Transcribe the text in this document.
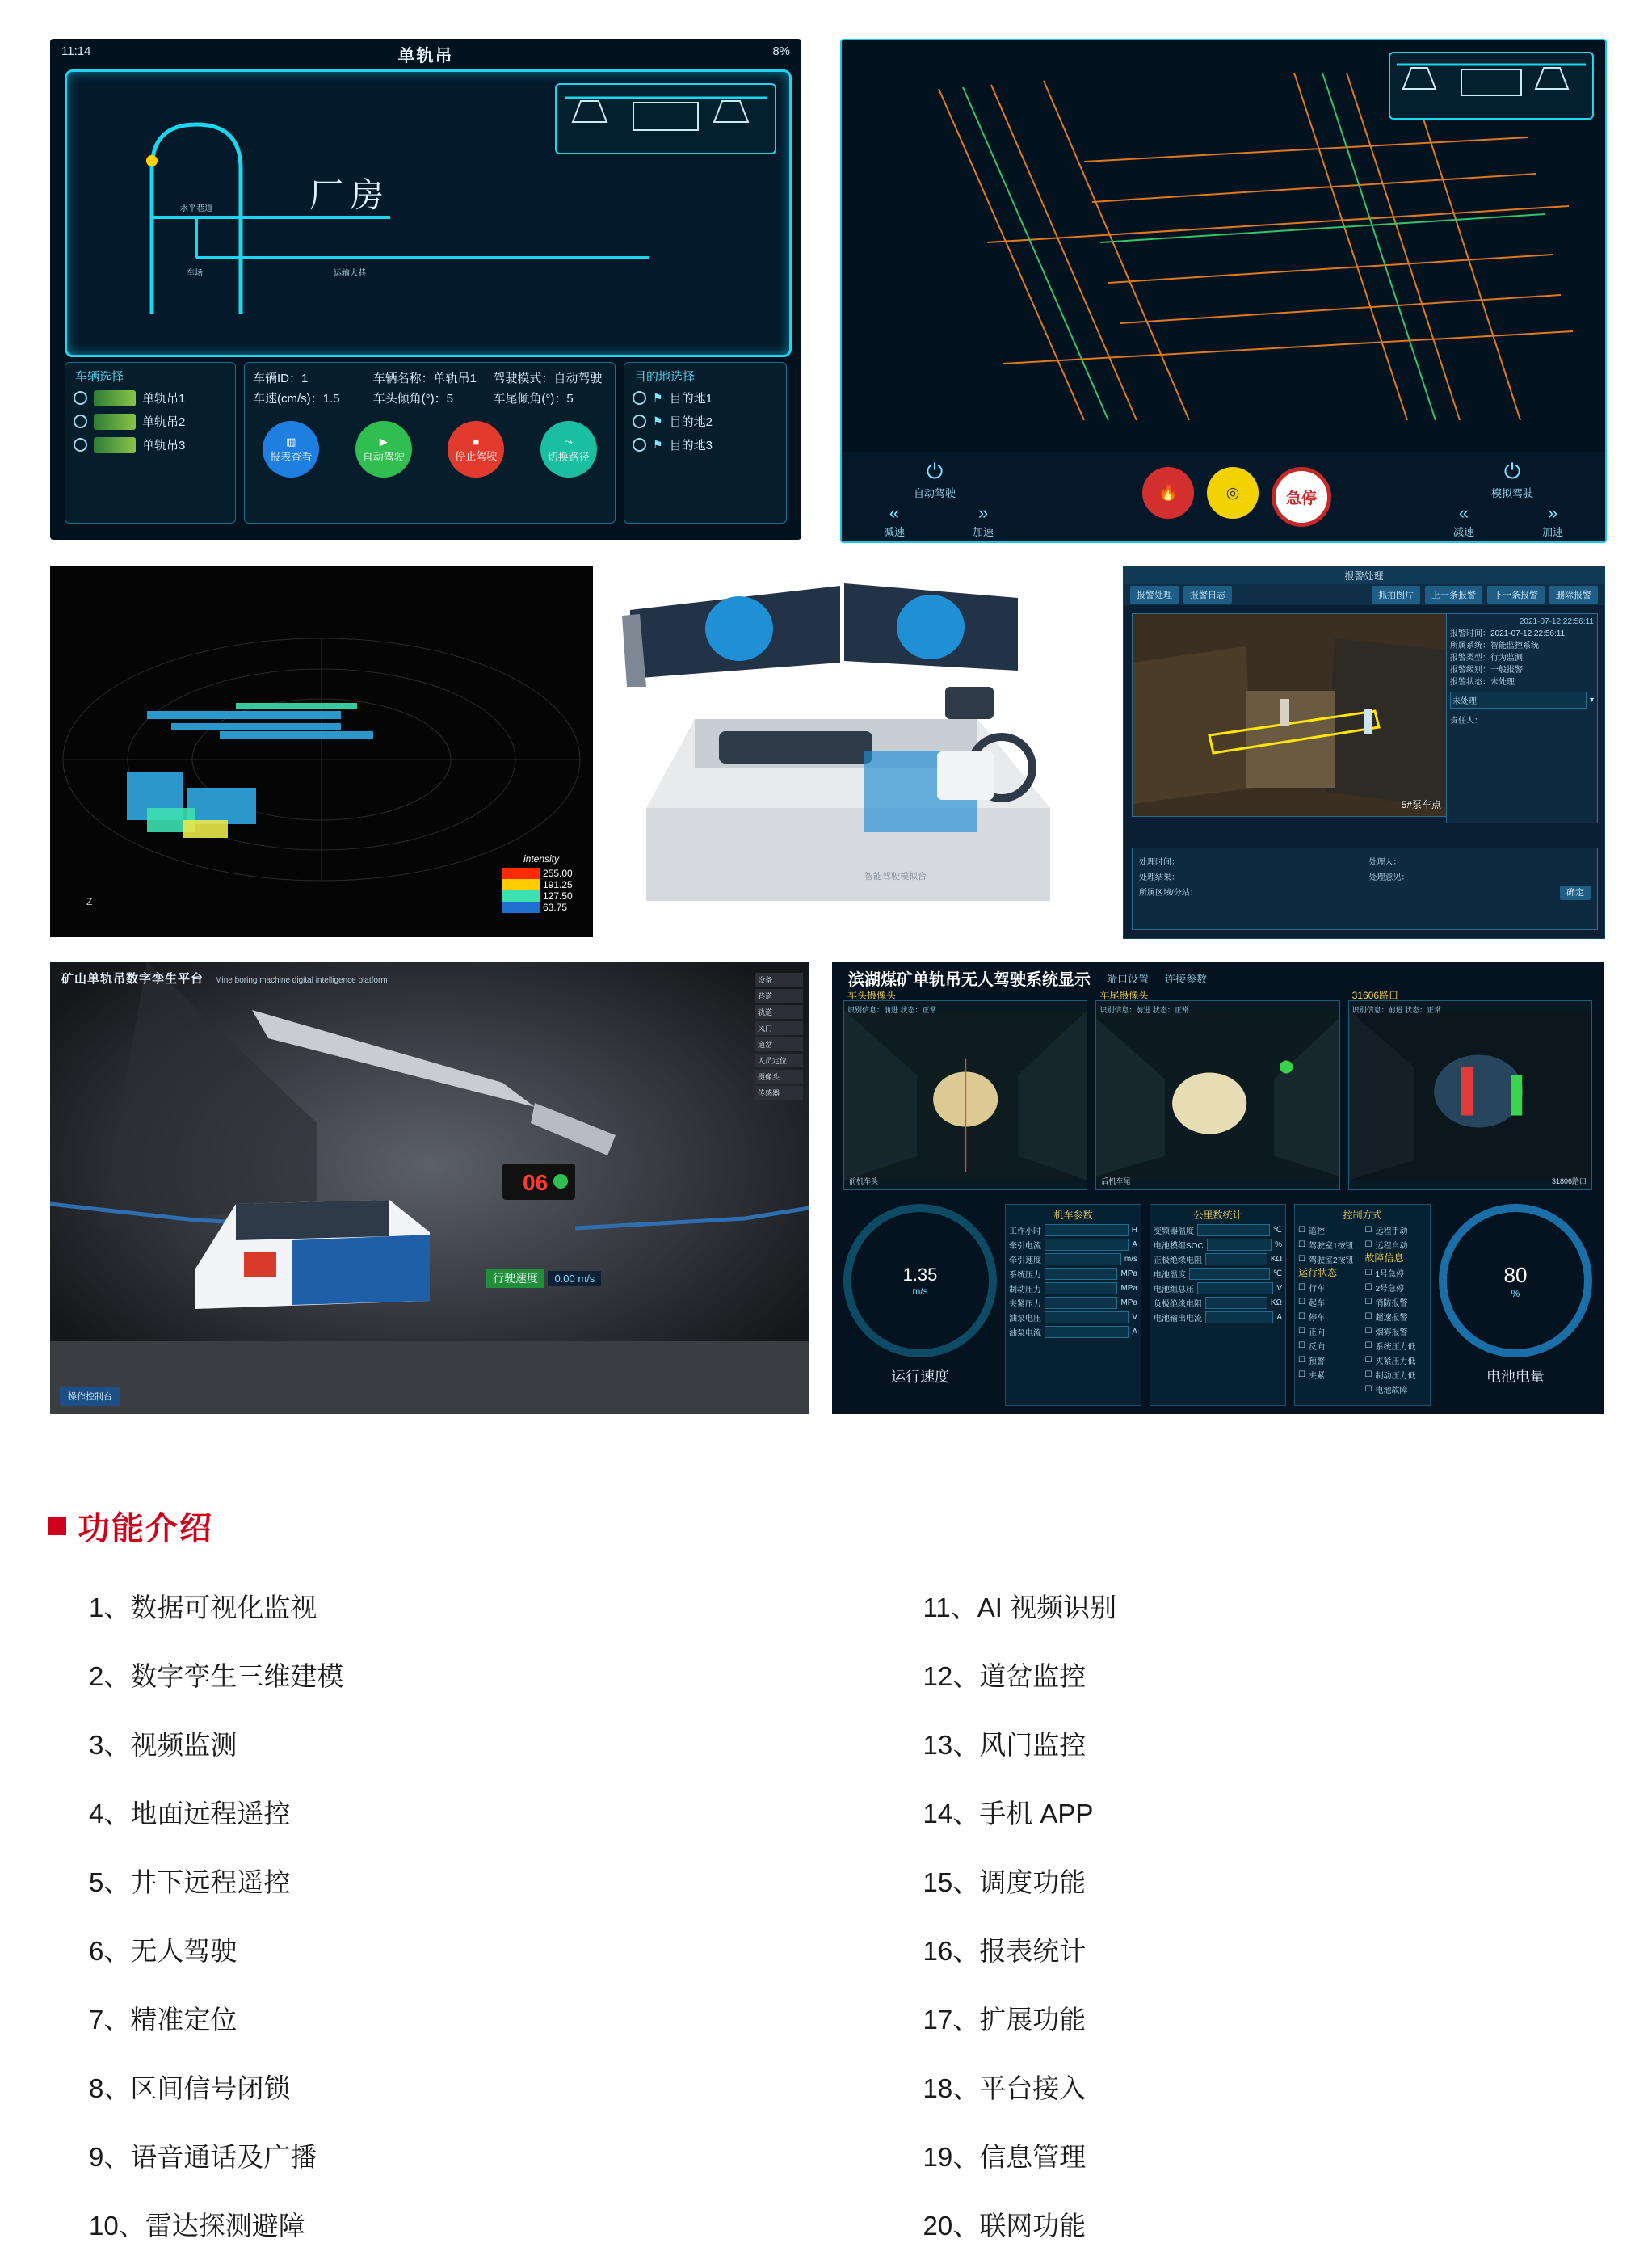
11:14	8%
单轨吊
水平巷道
车场	运输大巷
厂房
车辆选择
单轨吊1
单轨吊2
单轨吊3
车辆ID：1	车辆名称：单轨吊1	驾驶模式：自动驾驶
车速(cm/s)：1.5	车头倾角(°)：5	车尾倾角(°)：5
▥
报表查看
▶
自动驾驶
■
停止驾驶
⤳
切换路径
目的地选择
⚑ 目的地1
⚑ 目的地2
⚑ 目的地3
⏻
自动驾驶
«
减速
»
加速
🔥	◎	急停
⏻
模拟驾驶
«
减速
»
加速
Z
intensity
255.00
191.25
127.50
63.75
智能驾驶模拟台
报警处理
报警处理	报警日志	抓拍图片	上一条报警	下一条报警	删除报警
5#泵车点
2021-07-12 22:56:11
报警时间：2021-07-12 22:56:11
所属系统：智能监控系统
报警类型：行为监测
报警级别：一般报警
报警状态：未处理
未处理	▾
责任人：
处理时间：	处理人：
处理结果：	处理意见：
所属区域/分站：	确定
06
矿山单轨吊数字孪生平台 Mine boring machine digital intelligence platform	设备
巷道
轨道
风门
道岔
人员定位
摄像头
传感器
行驶速度 0.00 m/s
操作控制台
滨湖煤矿单轨吊无人驾驶系统显示 端口设置 连接参数
车头摄像头
识别信息：前进 状态：正常
前机车头
车尾摄像头
识别信息：前进 状态：正常
后机车尾
31606路口
识别信息：前进 状态：正常
31806路口
1.35
m/s
运行速度
机车参数
工作小时	H
牵引电流	A
牵引速度	m/s
系统压力	MPa
制动压力	MPa
夹紧压力	MPa
油泵电压	V
油泵电流	A
公里数统计
变频器温度	℃
电池模组SOC	%
正极绝缘电阻	KΩ
电池温度	℃
电池组总压	V
负极绝缘电阻	KΩ
电池输出电流	A
控制方式
☐ 遥控
☐ 驾驶室1按钮
☐ 驾驶室2按钮
运行状态
☐ 行车
☐ 起车
☐ 停车
☐ 正向
☐ 反向
☐ 预警
☐ 夹紧
☐ 远程手动
☐ 远程自动
故障信息
☐ 1号急停
☐ 2号急停
☐ 消防报警
☐ 超速报警
☐ 烟雾报警
☐ 系统压力低
☐ 夹紧压力低
☐ 制动压力低
☐ 电池故障
80
%
电池电量
功能介绍
1、数据可视化监视
2、数字孪生三维建模
3、视频监测
4、地面远程遥控
5、井下远程遥控
6、无人驾驶
7、精准定位
8、区间信号闭锁
9、语音通话及广播
10、雷达探测避障
11、AI 视频识别
12、道岔监控
13、风门监控
14、手机 APP
15、调度功能
16、报表统计
17、扩展功能
18、平台接入
19、信息管理
20、联网功能
